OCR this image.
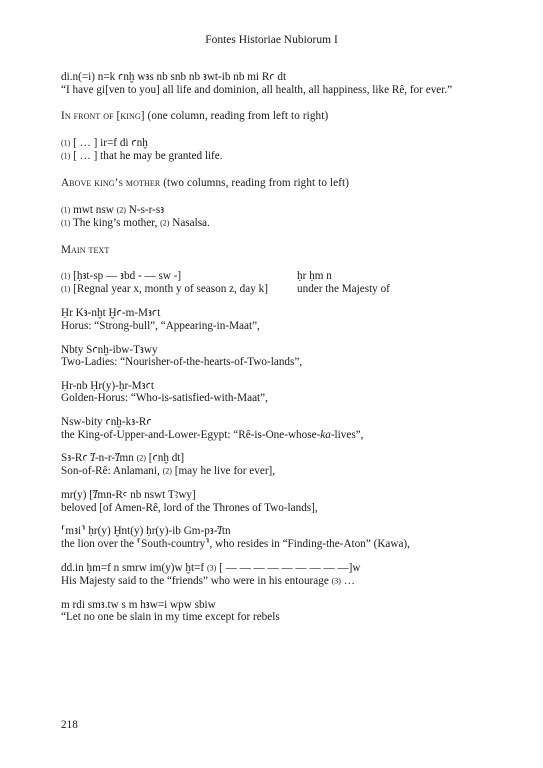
Fontes Historiae Nubiorum I
di.n(=i) n=k ꜥnḫ wꜣs nb snb nb ꜣwt-ib nb mi Rꜥ dt
“I have gi[ven to you] all life and dominion, all health, all happiness, like Rê, for ever.”
In front of [king] (one column, reading from left to right)
(1) [ … ] ir=f di ꜥnḫ
(1) [ … ] that he may be granted life.
Above king’s mother (two columns, reading from right to left)
(1) mwt nsw (2) N-s-r-sꜣ
(1) The king’s mother, (2) Nasalsa.
Main text
(1) [ḥꜣt-sp — ꜣbd - — sw -]
(1) [Regnal year x, month y of season z, day k]
ḥr ḥm n
under the Majesty of
Ḥr Kꜣ-nḫt Ḫꜥ-m-Mꜣꜥt
Horus: “Strong-bull”, “Appearing-in-Maat”,
Nbty Sꜥnḫ-ibw-Tꜣwy
Two-Ladies: “Nourisher-of-the-hearts-of-Two-lands”,
Ḥr-nb Ḥr(y)-ḥr-Mꜣꜥt
Golden-Horus: “Who-is-satisfied-with-Maat”,
Nsw-bity ꜥnḫ-kꜣ-Rꜥ
the King-of-Upper-and-Lower-Egypt: “Rê-is-One-whose-ka-lives”,
Sꜣ-Rꜥ Ꞽ-n-r-Ꞽmn (2) [ꜥnḫ dt]
Son-of-Rê: Anlamani, (2) [may he live for ever],
mr(y) [Ꞽmn-Rꜥ nb nswt Tꜣwy]
beloved [of Amen-Rê, lord of the Thrones of Two-lands],
⸢mꜣi⸣ ḥr(y) Ḫnt(y) ḥr(y)-ib Gm-pꜣ-Ꞽtn
the lion over the ⸢South-country⸣, who resides in “Finding-the-Aton” (Kawa),
dd.in ḥm=f n smrw im(y)w ḫt=f (3) [ — — — — — — — — —]w
His Majesty said to the “friends” who were in his entourage (3) …
m rdi smꜣ.tw s m hꜣw=i wpw sbiw
“Let no one be slain in my time except for rebels
218
